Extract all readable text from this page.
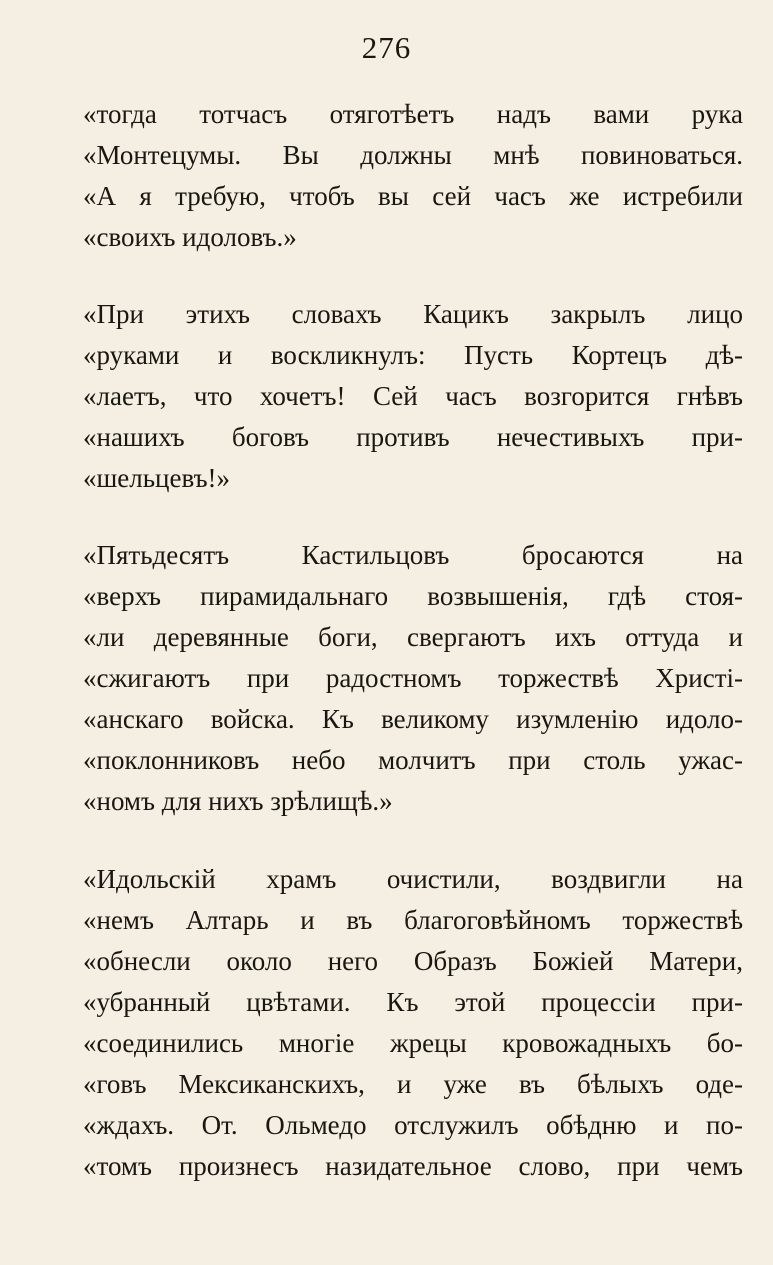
276
«тогда тотчасъ отяготѣетъ надъ вами рука
«Монтецумы. Вы должны мнѣ повиноваться.
«А я требую, чтобъ вы сей часъ же истребили
«своихъ идоловъ.»
«При этихъ словахъ Кацикъ закрылъ лицо
«руками и воскликнулъ: Пусть Кортецъ дѣ-
«лаетъ, что хочетъ! Сей часъ возгорится гнѣвъ
«нашихъ боговъ противъ нечестивыхъ при-
«шельцевъ!»
«Пятьдесятъ Кастильцовъ бросаются на
«верхъ пирамидальнаго возвышенія, гдѣ стоя-
«ли деревянные боги, свергаютъ ихъ оттуда и
«сжигаютъ при радостномъ торжествѣ Христі-
«анскаго войска. Къ великому изумленію идоло-
«поклонниковъ небо молчитъ при столь ужас-
«номъ для нихъ зрѣлищѣ.»
«Идольскій храмъ очистили, воздвигли на
«немъ Алтарь и въ благоговѣйномъ торжествѣ
«обнесли около него Образъ Божіей Матери,
«убранный цвѣтами. Къ этой процессіи при-
«соединились многіе жрецы кровожадныхъ бо-
«говъ Мексиканскихъ, и уже въ бѣлыхъ одe-
«ждахъ. От. Ольмедо отслужилъ обѣдню и по-
«томъ произнесъ назидательное слово, при чемъ
